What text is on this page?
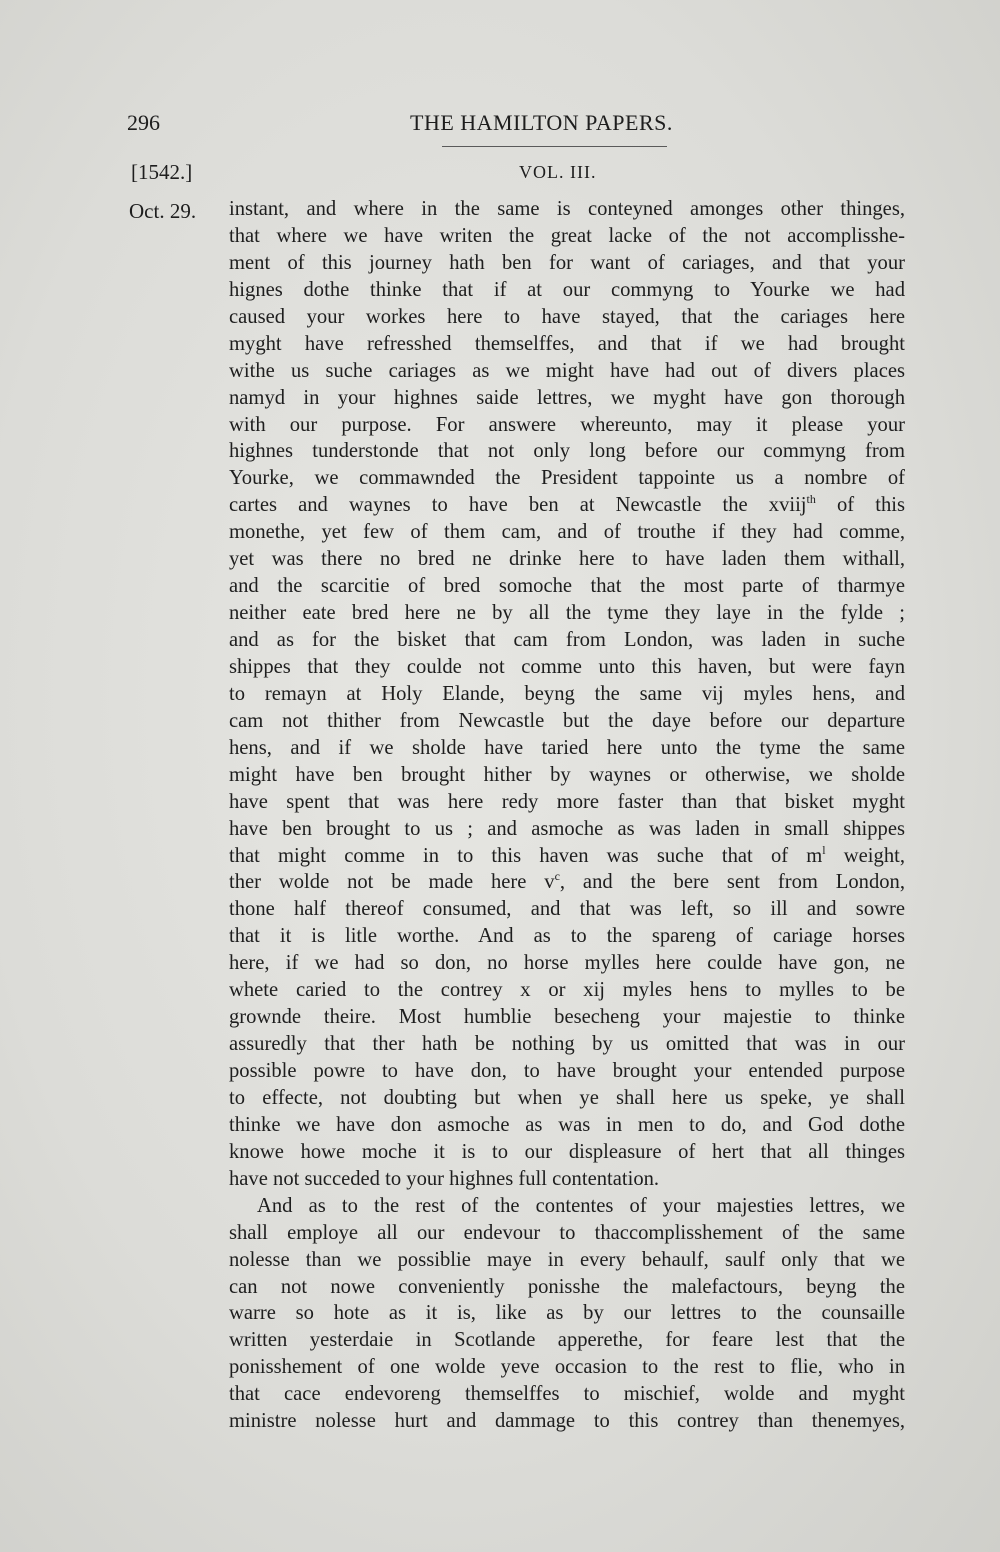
296	THE HAMILTON PAPERS.
[1542.]	VOL. III.
Oct. 29. instant, and where in the same is conteyned amonges other thinges,
that where we have writen the great lacke of the not accomplisshe-
ment of this journey hath ben for want of cariages, and that your
hignes dothe thinke that if at our commyng to Yourke we had
caused your workes here to have stayed, that the cariages here
myght have refresshed themselffes, and that if we had brought
withe us suche cariages as we might have had out of divers places
namyd in your highnes saide lettres, we myght have gon thorough
with our purpose. For answere whereunto, may it please your
highnes tunderstonde that not only long before our commyng from
Yourke, we commawnded the President tappointe us a nombre of
cartes and waynes to have ben at Newcastle the xviij$^{th}$ of this
monethe, yet few of them cam, and of trouthe if they had comme,
yet was there no bred ne drinke here to have laden them withall,
and the scarcitie of bred somoche that the most parte of tharmye
neither eate bred here ne by all the tyme they laye in the fylde ;
and as for the bisket that cam from London, was laden in suche
shippes that they coulde not comme unto this haven, but were fayn
to remayn at Holy Elande, beyng the same vij myles hens, and
cam not thither from Newcastle but the daye before our departure
hens, and if we sholde have taried here unto the tyme the same
might have ben brought hither by waynes or otherwise, we sholde
have spent that was here redy more faster than that bisket myght
have ben brought to us ; and asmoche as was laden in small shippes
that might comme in to this haven was suche that of $m^l$ weight,
ther wolde not be made here $v^c$, and the bere sent from London,
thone half thereof consumed, and that was left, so ill and sowre
that it is litle worthe. And as to the spareng of cariage horses
here, if we had so don, no horse mylles here coulde have gon, ne
whete caried to the contrey x or xij myles hens to mylles to be
grownde theire. Most humblie besecheng your majestie to thinke
assuredly that ther hath be nothing by us omitted that was in our
possible powre to have don, to have brought your entended purpose
to effecte, not doubting but when ye shall here us speke, ye shall
thinke we have don asmoche as was in men to do, and God dothe
knowe howe moche it is to our displeasure of hert that all thinges
have not succeded to your highnes full contentation.
And as to the rest of the contentes of your majesties lettres, we
shall employe all our endevour to thaccomplisshement of the same
nolesse than we possiblie maye in every behaulf, saulf only that we
can not nowe conveniently ponisshe the malefactours, beyng the
warre so hote as it is, like as by our lettres to the counsaille
written yesterdaie in Scotlande apperethe, for feare lest that the
ponisshement of one wolde yeve occasion to the rest to flie, who in
that cace endevoreng themselffes to mischief, wolde and myght
ministre nolesse hurt and dammage to this contrey than thenemyes,
